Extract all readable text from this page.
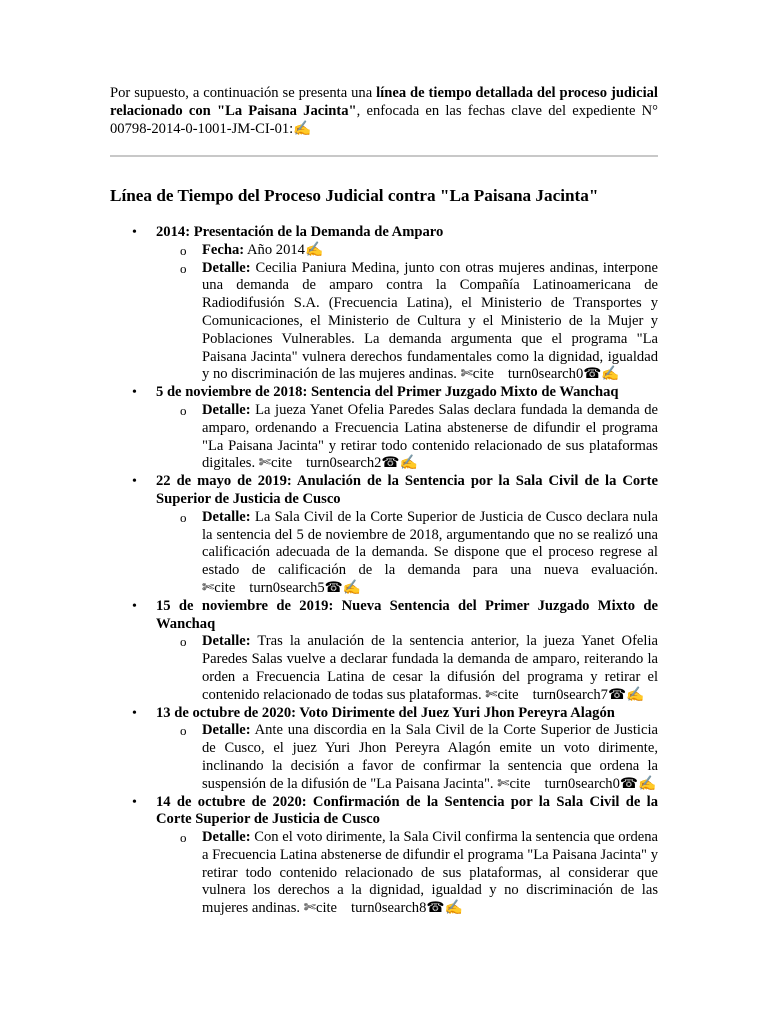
Por supuesto, a continuación se presenta una línea de tiempo detallada del proceso judicial relacionado con "La Paisana Jacinta", enfocada en las fechas clave del expediente N° 00798-2014-0-1001-JM-CI-01:✍

Línea de Tiempo del Proceso Judicial contra "La Paisana Jacinta"
• 2014: Presentación de la Demanda de Amparo
o Fecha: Año 2014✍
o Detalle: Cecilia Paniura Medina, junto con otras mujeres andinas, interpone una demanda de amparo contra la Compañía Latinoamericana de Radiodifusión S.A. (Frecuencia Latina), el Ministerio de Transportes y Comunicaciones, el Ministerio de Cultura y el Ministerio de la Mujer y Poblaciones Vulnerables. La demanda argumenta que el programa "La Paisana Jacinta" vulnera derechos fundamentales como la dignidad, igualdad y no discriminación de las mujeres andinas. ✄cite turn0search0☎✍
• 5 de noviembre de 2018: Sentencia del Primer Juzgado Mixto de Wanchaq
o Detalle: La jueza Yanet Ofelia Paredes Salas declara fundada la demanda de amparo, ordenando a Frecuencia Latina abstenerse de difundir el programa "La Paisana Jacinta" y retirar todo contenido relacionado de sus plataformas digitales. ✄cite turn0search2☎✍
• 22 de mayo de 2019: Anulación de la Sentencia por la Sala Civil de la Corte Superior de Justicia de Cusco
o Detalle: La Sala Civil de la Corte Superior de Justicia de Cusco declara nula la sentencia del 5 de noviembre de 2018, argumentando que no se realizó una calificación adecuada de la demanda. Se dispone que el proceso regrese al estado de calificación de la demanda para una nueva evaluación. ✄cite turn0search5☎✍
• 15 de noviembre de 2019: Nueva Sentencia del Primer Juzgado Mixto de Wanchaq
o Detalle: Tras la anulación de la sentencia anterior, la jueza Yanet Ofelia Paredes Salas vuelve a declarar fundada la demanda de amparo, reiterando la orden a Frecuencia Latina de cesar la difusión del programa y retirar el contenido relacionado de todas sus plataformas. ✄cite turn0search7☎✍
• 13 de octubre de 2020: Voto Dirimente del Juez Yuri Jhon Pereyra Alagón
o Detalle: Ante una discordia en la Sala Civil de la Corte Superior de Justicia de Cusco, el juez Yuri Jhon Pereyra Alagón emite un voto dirimente, inclinando la decisión a favor de confirmar la sentencia que ordena la suspensión de la difusión de "La Paisana Jacinta". ✄cite turn0search0☎✍
• 14 de octubre de 2020: Confirmación de la Sentencia por la Sala Civil de la Corte Superior de Justicia de Cusco
o Detalle: Con el voto dirimente, la Sala Civil confirma la sentencia que ordena a Frecuencia Latina abstenerse de difundir el programa "La Paisana Jacinta" y retirar todo contenido relacionado de sus plataformas, al considerar que vulnera los derechos a la dignidad, igualdad y no discriminación de las mujeres andinas. ✄cite turn0search8☎✍
